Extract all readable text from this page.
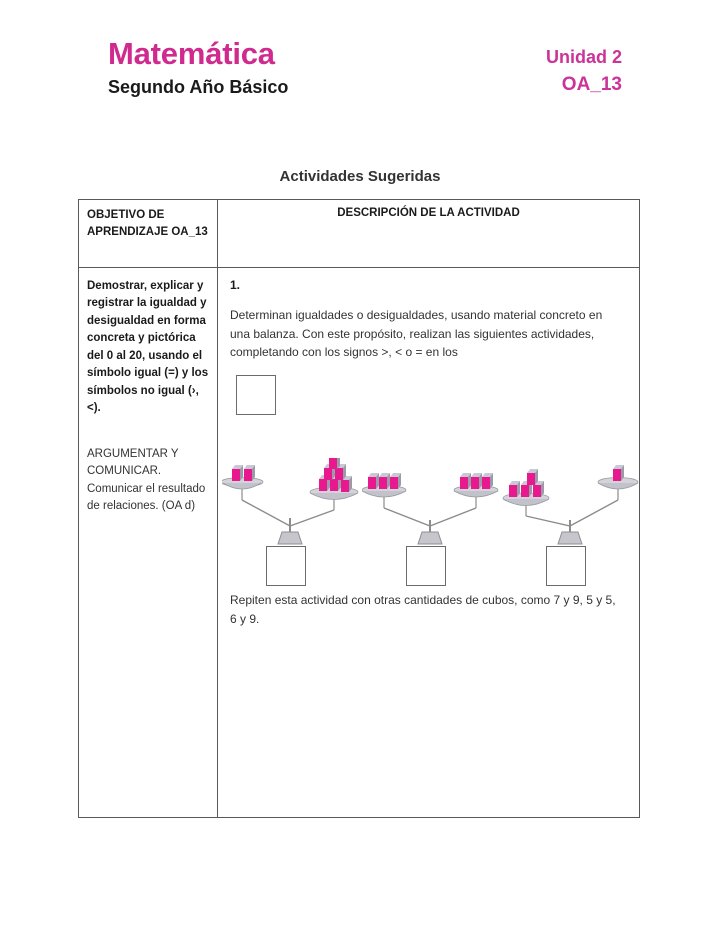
Matemática
Segundo Año Básico
Unidad 2
OA_13
Actividades Sugeridas
OBJETIVO DE APRENDIZAJE OA_13
DESCRIPCIÓN DE LA ACTIVIDAD
Demostrar, explicar y registrar la igualdad y desigualdad en forma concreta y pictórica del 0 al 20, usando el símbolo igual (=) y los símbolos no igual (›,<).
ARGUMENTAR Y COMUNICAR. Comunicar el resultado de relaciones. (OA d)
1.
Determinan igualdades o desigualdades, usando material concreto en una balanza. Con este propósito, realizan las siguientes actividades, completando con los signos >, < o = en los
Repiten esta actividad con otras cantidades de cubos, como 7 y 9, 5 y 5, 6 y 9.
